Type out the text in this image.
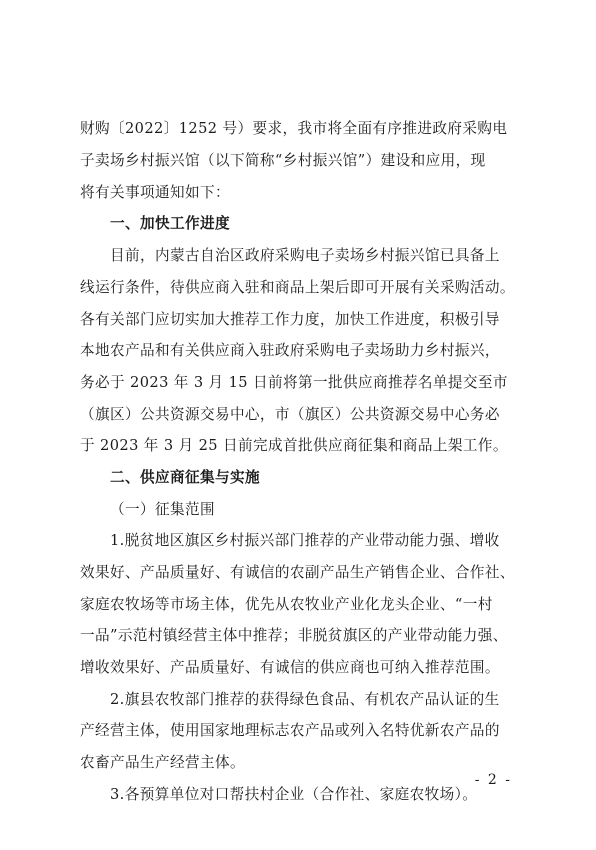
财购〔2022〕1252 号）要求，我市将全面有序推进政府采购电
子卖场乡村振兴馆（以下简称“乡村振兴馆”）建设和应用，现
将有关事项通知如下：
一、加快工作进度
目前，内蒙古自治区政府采购电子卖场乡村振兴馆已具备上
线运行条件，待供应商入驻和商品上架后即可开展有关采购活动。
各有关部门应切实加大推荐工作力度，加快工作进度，积极引导
本地农产品和有关供应商入驻政府采购电子卖场助力乡村振兴，
务必于 2023 年 3 月 15 日前将第一批供应商推荐名单提交至市
（旗区）公共资源交易中心，市（旗区）公共资源交易中心务必
于 2023 年 3 月 25 日前完成首批供应商征集和商品上架工作。
二、供应商征集与实施
（一）征集范围
1.脱贫地区旗区乡村振兴部门推荐的产业带动能力强、增收
效果好、产品质量好、有诚信的农副产品生产销售企业、合作社、
家庭农牧场等市场主体，优先从农牧业产业化龙头企业、“一村
一品”示范村镇经营主体中推荐；非脱贫旗区的产业带动能力强、
增收效果好、产品质量好、有诚信的供应商也可纳入推荐范围。
2.旗县农牧部门推荐的获得绿色食品、有机农产品认证的生
产经营主体，使用国家地理标志农产品或列入名特优新农产品的
农畜产品生产经营主体。
3.各预算单位对口帮扶村企业（合作社、家庭农牧场）。
- 2 -
